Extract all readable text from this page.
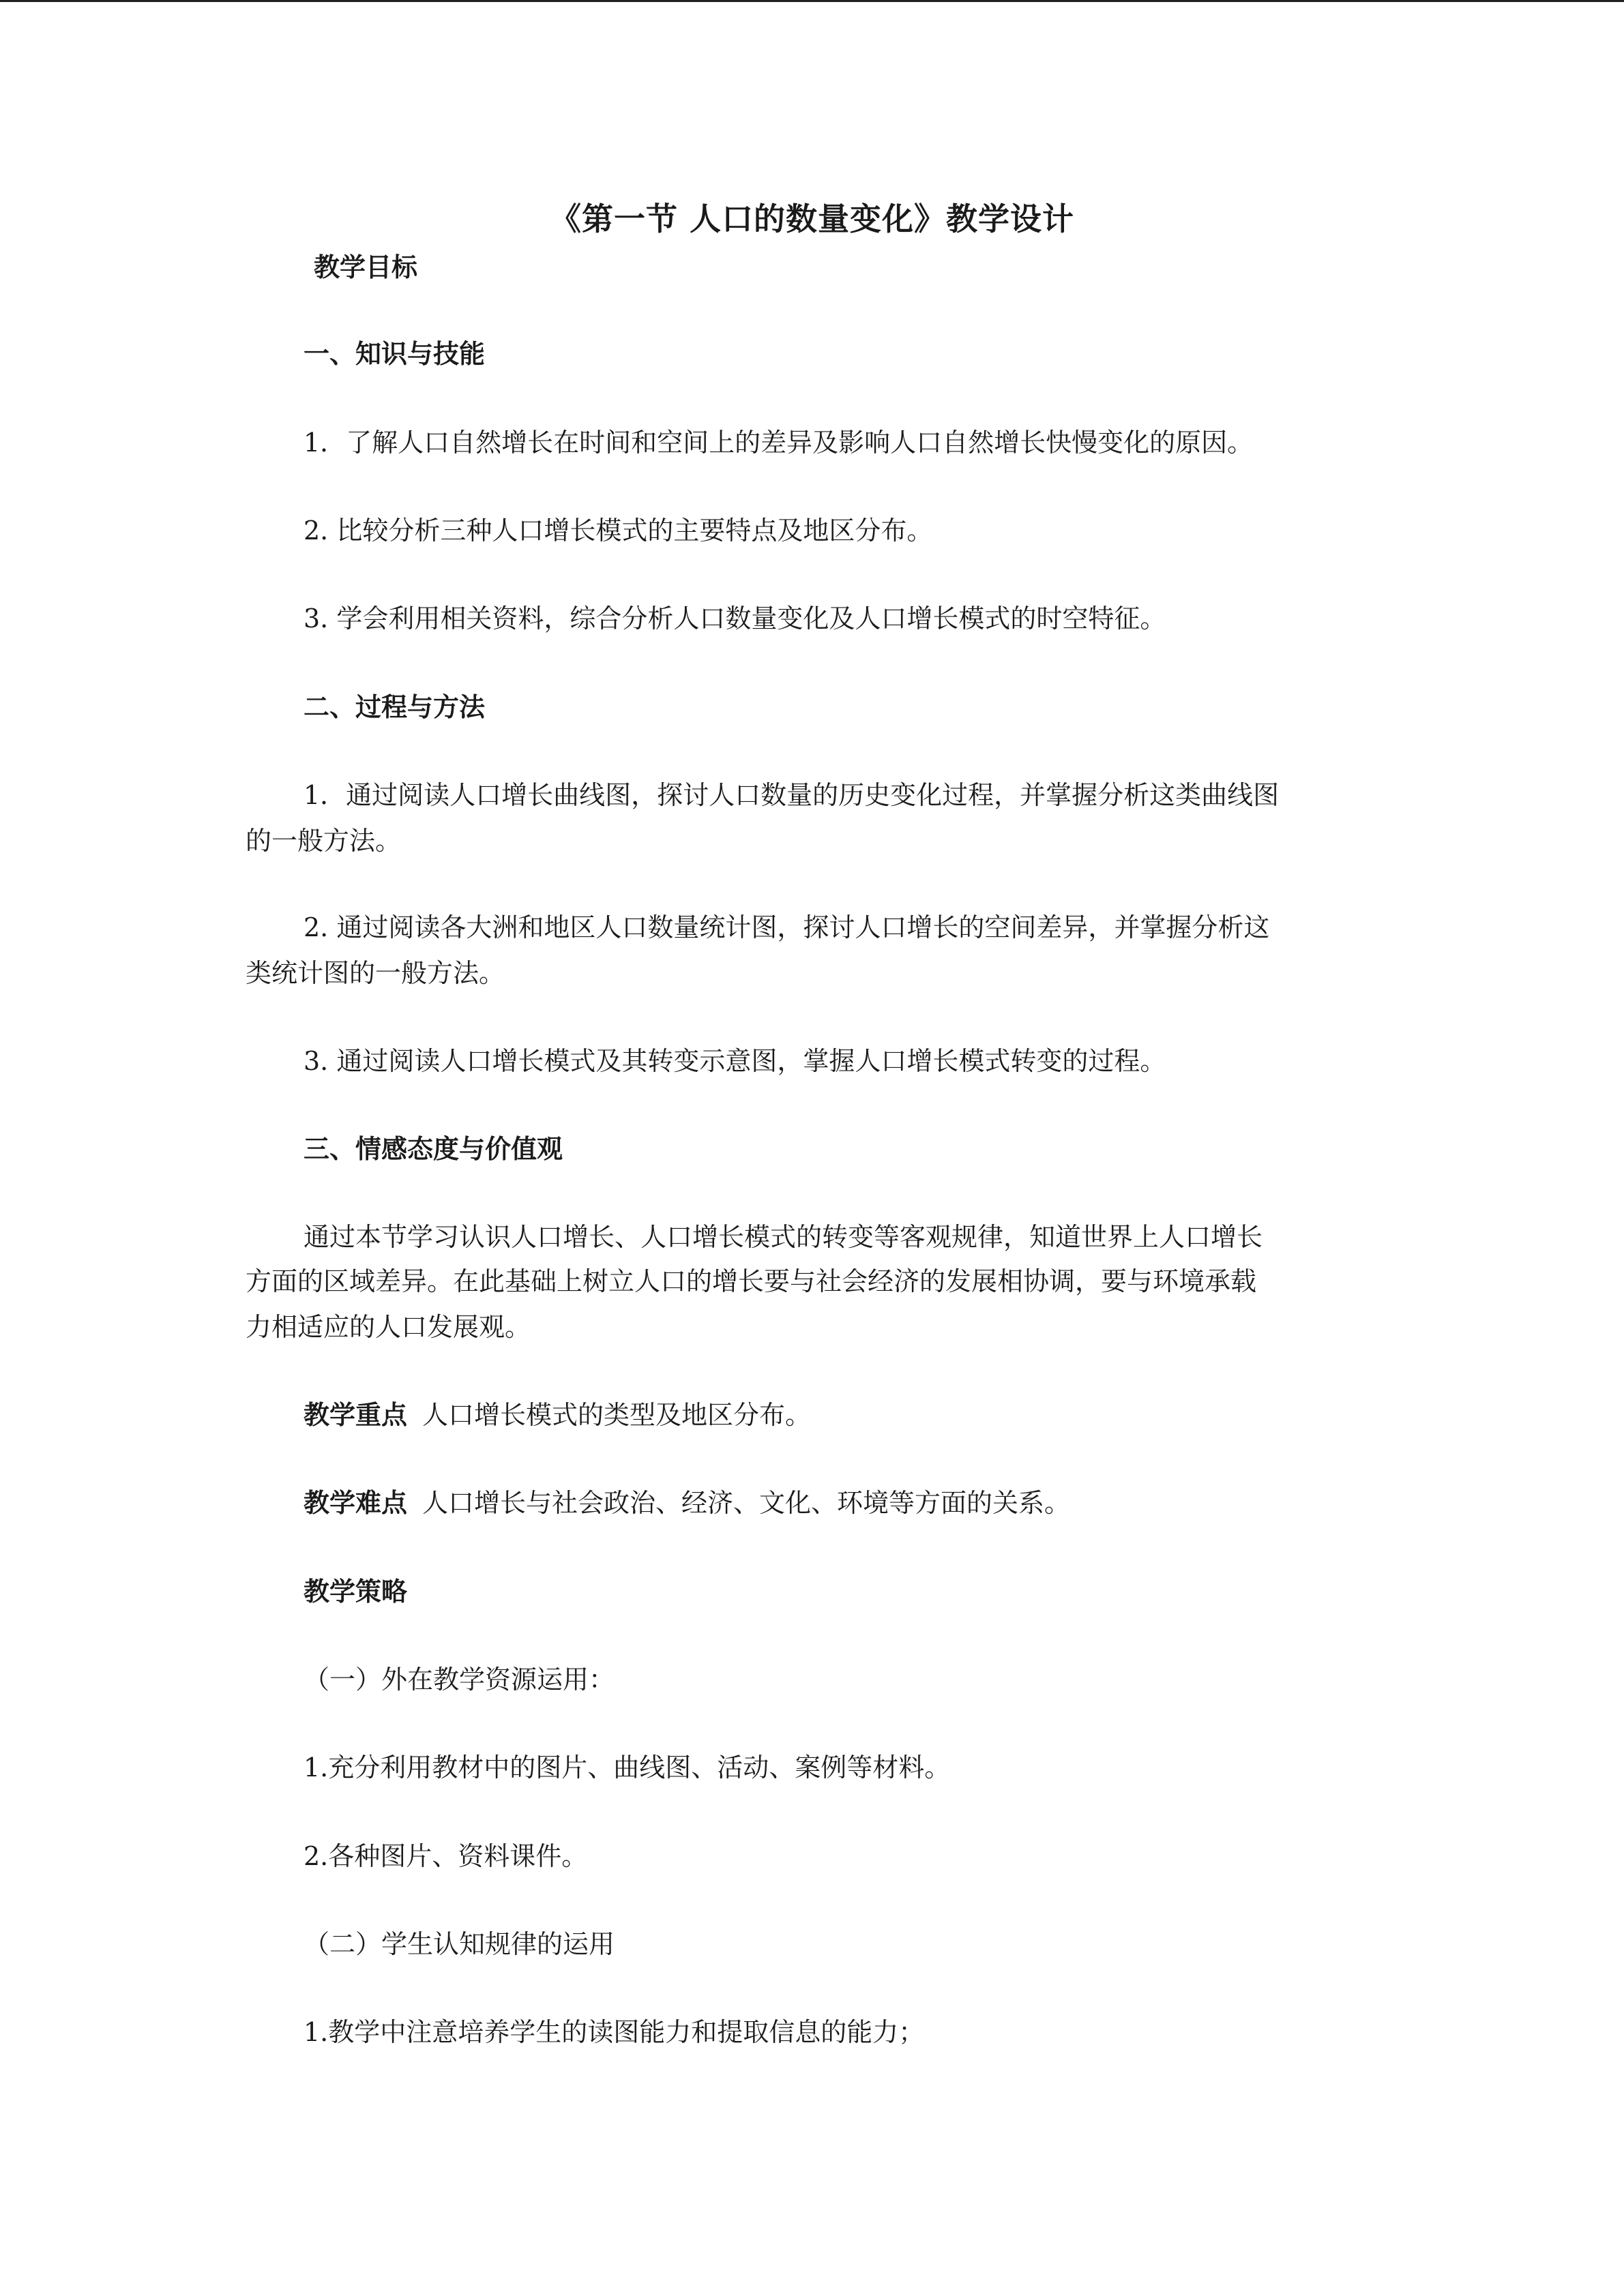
《第一节 人口的数量变化》教学设计
教学目标
一、知识与技能
1．了解人口自然增长在时间和空间上的差异及影响人口自然增长快慢变化的原因。
2. 比较分析三种人口增长模式的主要特点及地区分布。
3. 学会利用相关资料，综合分析人口数量变化及人口增长模式的时空特征。
二、过程与方法
1．通过阅读人口增长曲线图，探讨人口数量的历史变化过程，并掌握分析这类曲线图
的一般方法。
2. 通过阅读各大洲和地区人口数量统计图，探讨人口增长的空间差异，并掌握分析这
类统计图的一般方法。
3. 通过阅读人口增长模式及其转变示意图，掌握人口增长模式转变的过程。
三、情感态度与价值观
通过本节学习认识人口增长、人口增长模式的转变等客观规律，知道世界上人口增长
方面的区域差异。在此基础上树立人口的增长要与社会经济的发展相协调，要与环境承载
力相适应的人口发展观。
教学重点 人口增长模式的类型及地区分布。
教学难点 人口增长与社会政治、经济、文化、环境等方面的关系。
教学策略
（一）外在教学资源运用：
1.充分利用教材中的图片、曲线图、活动、案例等材料。
2.各种图片、资料课件。
（二）学生认知规律的运用
1.教学中注意培养学生的读图能力和提取信息的能力；
